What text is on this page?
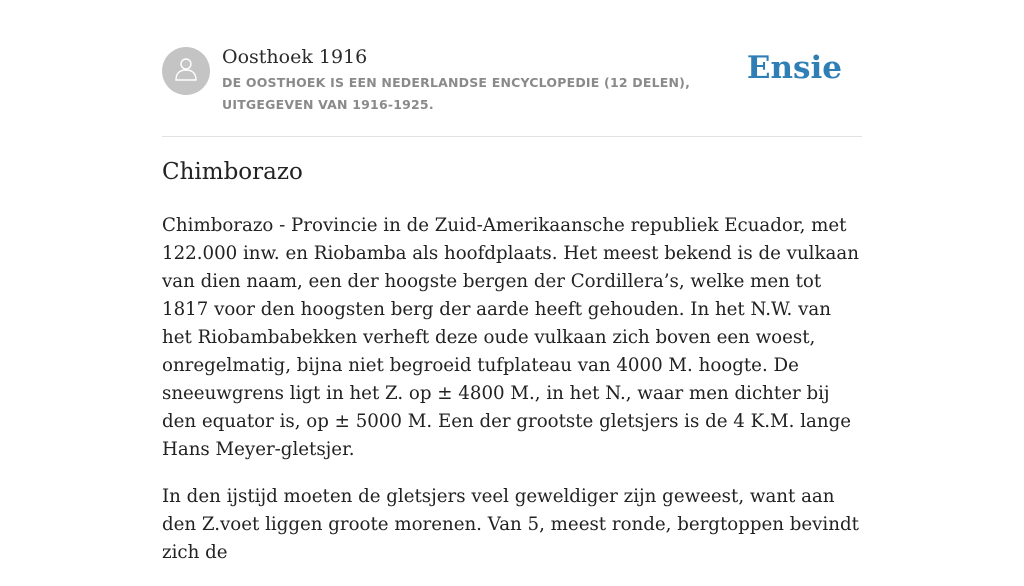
Oosthoek 1916
DE OOSTHOEK IS EEN NEDERLANDSE ENCYCLOPEDIE (12 DELEN), UITGEGEVEN VAN 1916-1925.
Ensie
Chimborazo

Chimborazo - Provincie in de Zuid-Amerikaansche republiek Ecuador, met 122.000 inw. en Riobamba als hoofdplaats. Het meest bekend is de vulkaan van dien naam, een der hoogste bergen der Cordillera’s, welke men tot 1817 voor den hoogsten berg der aarde heeft gehouden. In het N.W. van het Riobambabekken verheft deze oude vulkaan zich boven een woest, onregelmatig, bijna niet begroeid tufplateau van 4000 M. hoogte. De sneeuwgrens ligt in het Z. op ± 4800 M., in het N., waar men dichter bij den equator is, op ± 5000 M. Een der grootste gletsjers is de 4 K.M. lange Hans Meyer-gletsjer.

In den ijstijd moeten de gletsjers veel geweldiger zijn geweest, want aan den Z.voet liggen groote morenen. Van 5, meest ronde, bergtoppen bevindt zich de
